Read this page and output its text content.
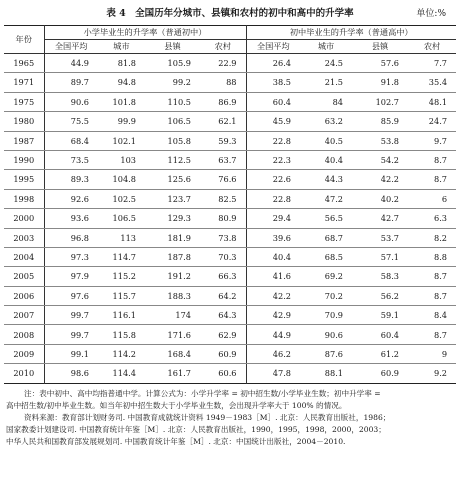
表 4 全国历年分城市、县镇和农村的初中和高中的升学率	单位:%
年份	小学毕业生的升学率（普通初中）				初中毕业生的升学率（普通高中）			
	全国平均	城市	县镇	农村	全国平均	城市	县镇	农村
1965	44.9	81.8	105.9	22.9	26.4	24.5	57.6	7.7
1971	89.7	94.8	99.2	88	38.5	21.5	91.8	35.4
1975	90.6	101.8	110.5	86.9	60.4	84	102.7	48.1
1980	75.5	99.9	106.5	62.1	45.9	63.2	85.9	24.7
1987	68.4	102.1	105.8	59.3	22.8	40.5	53.8	9.7
1990	73.5	103	112.5	63.7	22.3	40.4	54.2	8.7
1995	89.3	104.8	125.6	76.6	22.6	44.3	42.2	8.7
1998	92.6	102.5	123.7	82.5	22.8	47.2	40.2	6
2000	93.6	106.5	129.3	80.9	29.4	56.5	42.7	6.3
2003	96.8	113	181.9	73.8	39.6	68.7	53.7	8.2
2004	97.3	114.7	187.8	70.3	40.4	68.5	57.1	8.8
2005	97.9	115.2	191.2	66.3	41.6	69.2	58.3	8.7
2006	97.6	115.7	188.3	64.2	42.2	70.2	56.2	8.7
2007	99.7	116.1	174	64.3	42.9	70.9	59.1	8.4
2008	99.7	115.8	171.6	62.9	44.9	90.6	60.4	8.7
2009	99.1	114.2	168.4	60.9	46.2	87.6	61.2	9
2010	98.6	114.4	161.7	60.6	47.8	88.1	60.9	9.2

注：表中初中、高中均指普通中学。计算公式为：小学升学率 = 初中招生数/小学毕业生数；初中升学率 =

高中招生数/初中毕业生数。如当年初中招生数大于小学毕业生数，会出现升学率大于 100% 的情况。

资料来源：教育部计划财务司. 中国教育成就统计资料 1949－1983［M］. 北京：人民教育出版社，1986；

国家教委计划建设司. 中国教育统计年鉴［M］. 北京：人民教育出版社，1990，1995，1998，2000，2003；

中华人民共和国教育部发展规划司. 中国教育统计年鉴［M］. 北京：中国统计出版社，2004－2010.
